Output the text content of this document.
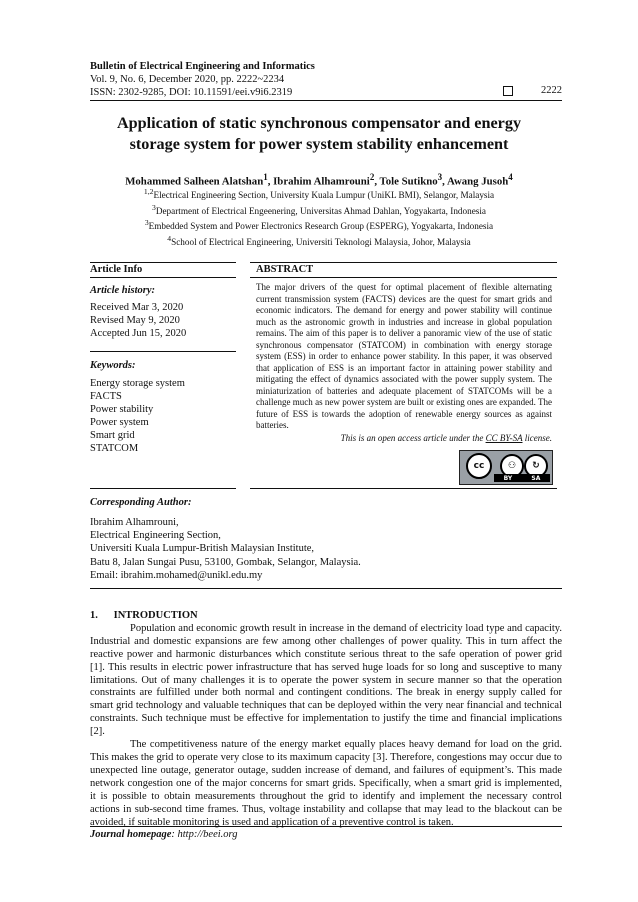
Bulletin of Electrical Engineering and Informatics
Vol. 9, No. 6, December 2020, pp. 2222~2234
ISSN: 2302-9285, DOI: 10.11591/eei.v9i6.2319	2222
Application of static synchronous compensator and energy
storage system for power system stability enhancement
Mohammed Salheen Alatshan$^1$, Ibrahim Alhamrouni$^2$, Tole Sutikno$^3$, Awang Jusoh$^4$
$^{1,2}$Electrical Engineering Section, University Kuala Lumpur (UniKL BMI), Selangor, Malaysia
$^3$Department of Electrical Engeenering, Universitas Ahmad Dahlan, Yogyakarta, Indonesia
$^3$Embedded System and Power Electronics Research Group (ESPERG), Yogyakarta, Indonesia
$^4$School of Electrical Engineering, Universiti Teknologi Malaysia, Johor, Malaysia
Article Info	ABSTRACT
Article history:
Received Mar 3, 2020
Revised May 9, 2020
Accepted Jun 15, 2020
Keywords:
Energy storage system
FACTS
Power stability
Power system
Smart grid
STATCOM
The major drivers of the quest for optimal placement of flexible alternating current transmission system (FACTS) devices are the quest for smart grids and economic indicators. The demand for energy and power stability will continue much as the astronomic growth in industries and increase in global population remains. The aim of this paper is to deliver a panoramic view of the use of static synchronous compensator (STATCOM) in combination with energy storage system (ESS) in order to enhance power stability. In this paper, it was observed that application of ESS is an important factor in attaining power stability and mitigating the effect of dynamics associated with the power supply system. The miniaturization of batteries and adequate placement of STATCOMs will be a challenge much as new power system are built or existing ones are expanded. The future of ESS is towards the adoption of renewable energy sources as against batteries.
This is an open access article under the CC BY-SA license.
cc	⚇	↻
BY	SA
Corresponding Author:
Ibrahim Alhamrouni,
Electrical Engineering Section,
Universiti Kuala Lumpur-British Malaysian Institute,
Batu 8, Jalan Sungai Pusu, 53100, Gombak, Selangor, Malaysia.
Email: ibrahim.mohamed@unikl.edu.my
1.      INTRODUCTION

Population and economic growth result in increase in the demand of electricity load type and capacity. Industrial and domestic expansions are few among other challenges of power quality. This in turn affect the reactive power and harmonic disturbances which constitute serious threat to the safe operation of power grid [1]. This results in electric power infrastructure that has served huge loads for so long and susceptive to many limitations. Out of many challenges it is to operate the power system in secure manner so that the operation constraints are fulfilled under both normal and contingent conditions. The break in energy supply called for smart grid technology and valuable techniques that can be deployed within the very near financial and technical constraints. Such technique must be effective for implementation to justify the time and financial implications [2].

The competitiveness nature of the energy market equally places heavy demand for load on the grid. This makes the grid to operate very close to its maximum capacity [3]. Therefore, congestions may occur due to unexpected line outage, generator outage, sudden increase of demand, and failures of equipment’s. This made network congestion one of the major concerns for smart grids. Specifically, when a smart grid is implemented, it is possible to obtain measurements throughout the grid to identify and implement the necessary control actions in sub-second time frames. Thus, voltage instability and collapse that may lead to the blackout can be avoided, if suitable monitoring is used and application of a preventive control is taken.

Journal homepage: http://beei.org
